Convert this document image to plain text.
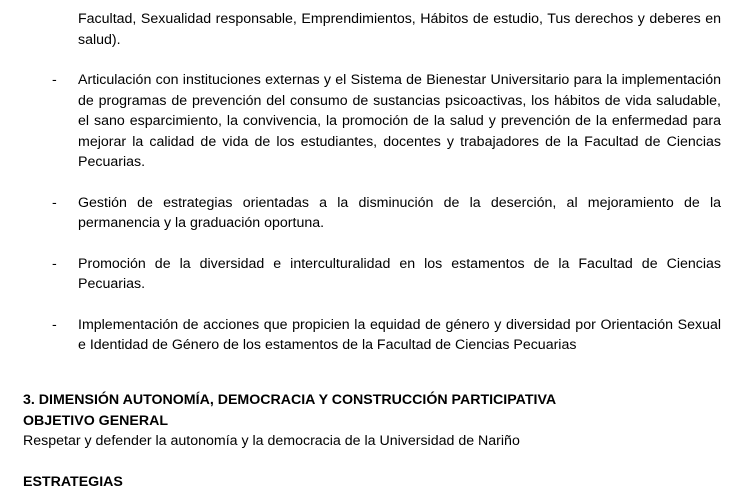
Facultad, Sexualidad responsable, Emprendimientos, Hábitos de estudio, Tus derechos y deberes en salud).
-	Articulación con instituciones externas y el Sistema de Bienestar Universitario para la implementación de programas de prevención del consumo de sustancias psicoactivas, los hábitos de vida saludable, el sano esparcimiento, la convivencia, la promoción de la salud y prevención de la enfermedad para mejorar la calidad de vida de los estudiantes, docentes y trabajadores de la Facultad de Ciencias Pecuarias.
-	Gestión de estrategias orientadas a la disminución de la deserción, al mejoramiento de la permanencia y la graduación oportuna.
-	Promoción de la diversidad e interculturalidad en los estamentos de la Facultad de Ciencias Pecuarias.
-	Implementación de acciones que propicien la equidad de género y diversidad por Orientación Sexual e Identidad de Género de los estamentos de la Facultad de Ciencias Pecuarias
3. DIMENSIÓN AUTONOMÍA, DEMOCRACIA Y CONSTRUCCIÓN PARTICIPATIVA
OBJETIVO GENERAL
Respetar y defender la autonomía y la democracia de la Universidad de Nariño
ESTRATEGIAS
